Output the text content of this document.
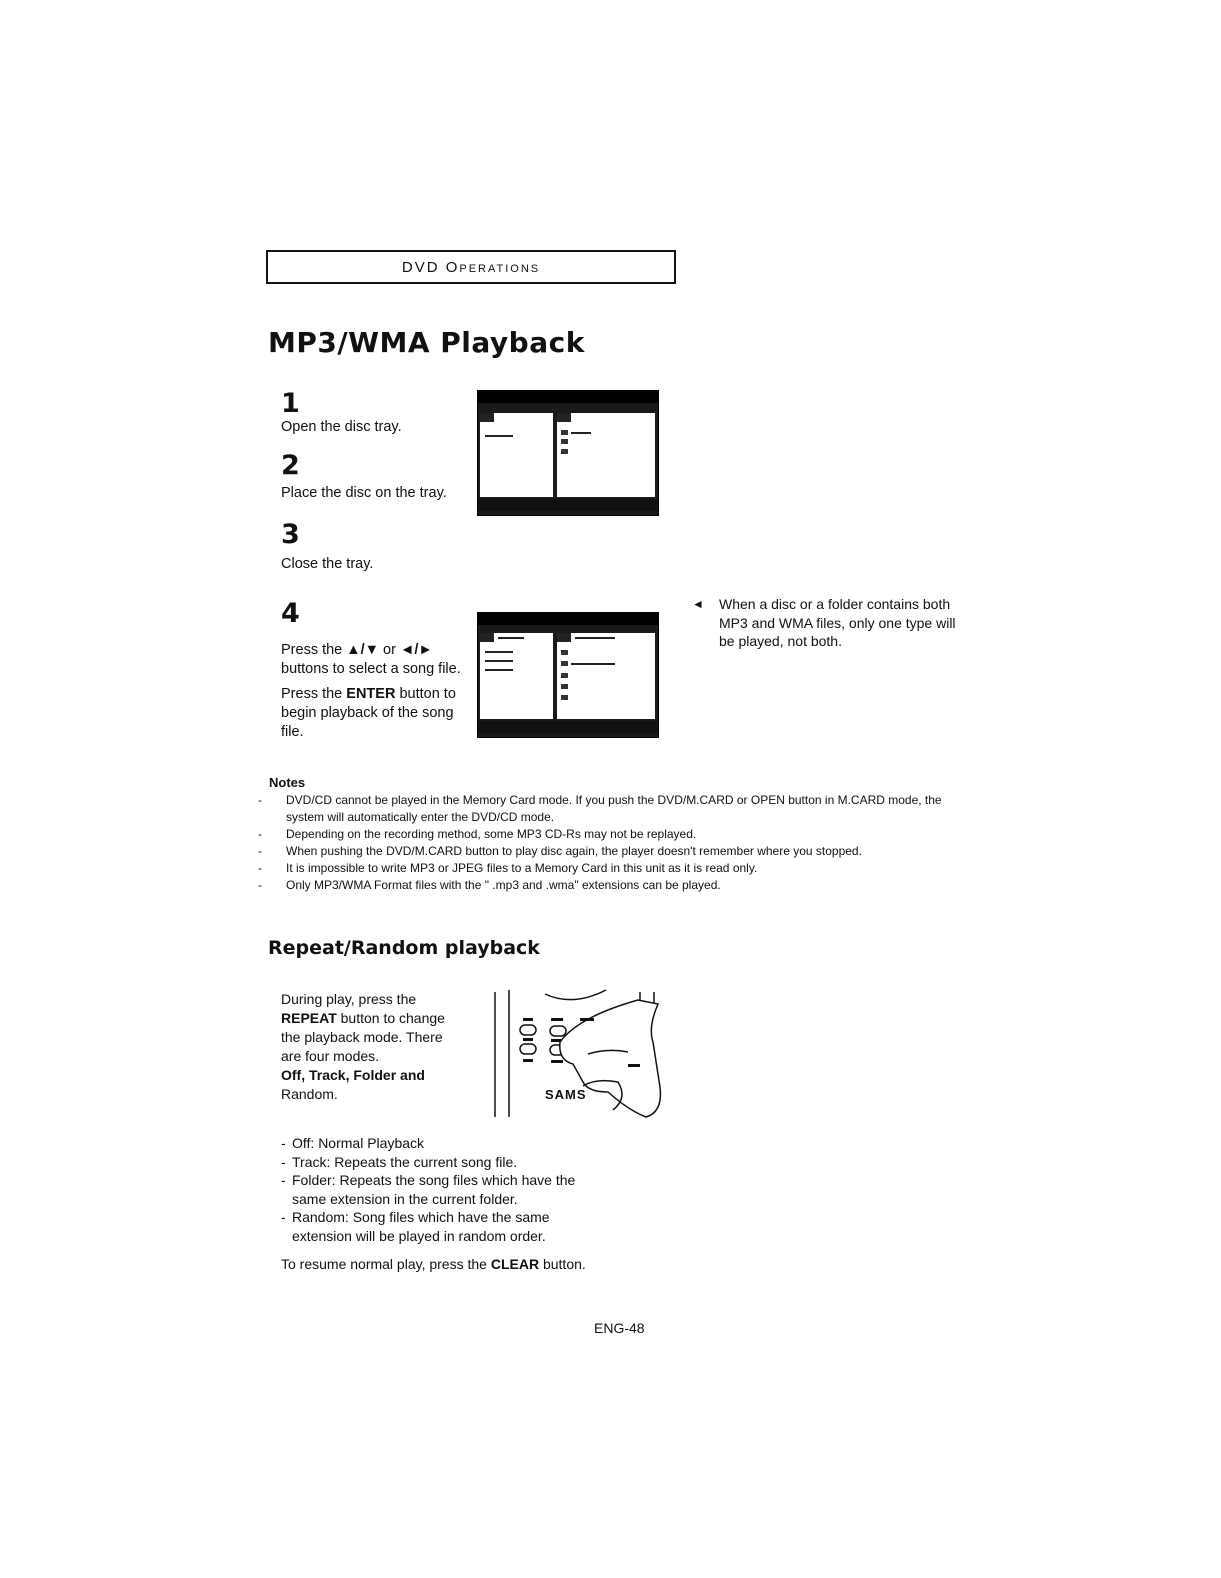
DVD Operations
MP3/WMA Playback
1
Open the disc tray.
2
Place the disc on the tray.
3
Close the tray.
4
Press the ▲/▼ or ◄/► buttons to select a song file.
Press the ENTER button to begin playback of the song file.
◄	When a disc or a folder contains both MP3 and WMA files, only one type will be played, not both.
Notes
- DVD/CD cannot be played in the Memory Card mode. If you push the DVD/M.CARD or OPEN button in M.CARD mode, the system will automatically enter the DVD/CD mode.
- Depending on the recording method, some MP3 CD-Rs may not be replayed.
- When pushing the DVD/M.CARD button to play disc again, the player doesn't remember where you stopped.
- It is impossible to write MP3 or JPEG files to a Memory Card in this unit as it is read only.
- Only MP3/WMA Format files with the " .mp3 and .wma" extensions can be played.
Repeat/Random playback
During play, press the REPEAT button to change the playback mode. There are four modes.
Off, Track, Folder and
Random.	SAMS
- Off: Normal Playback
- Track: Repeats the current song file.
- Folder: Repeats the song files which have the same extension in the current folder.
- Random: Song files which have the same extension will be played in random order.
To resume normal play, press the CLEAR button.
ENG-48
